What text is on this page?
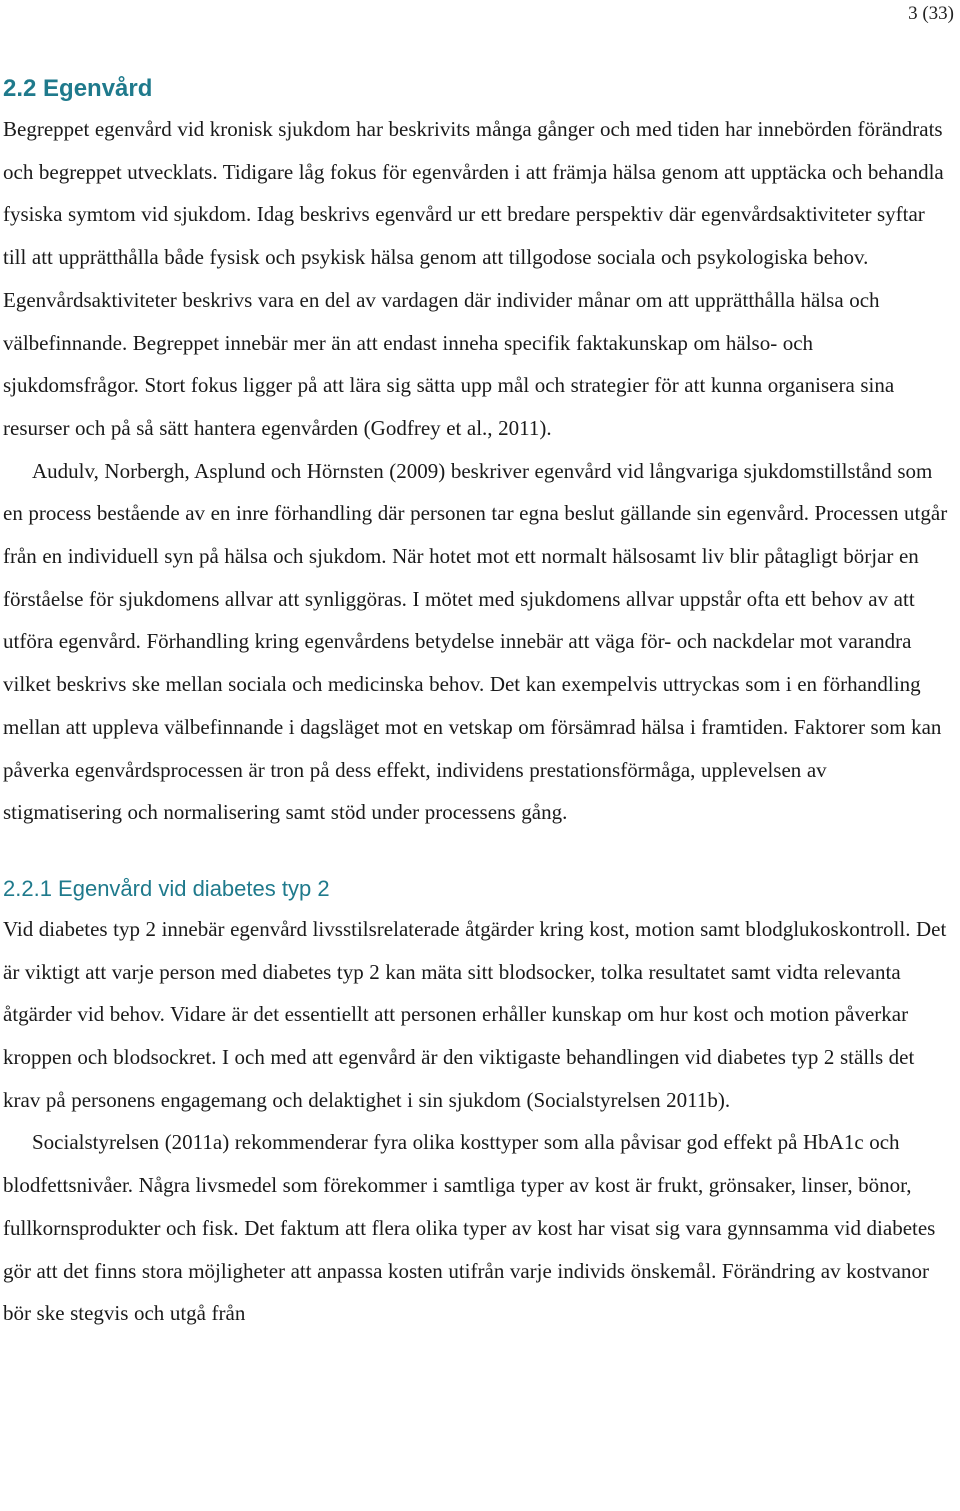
3 (33)
2.2 Egenvård

Begreppet egenvård vid kronisk sjukdom har beskrivits många gånger och med tiden har innebörden förändrats och begreppet utvecklats. Tidigare låg fokus för egenvården i att främja hälsa genom att upptäcka och behandla fysiska symtom vid sjukdom. Idag beskrivs egenvård ur ett bredare perspektiv där egenvårdsaktiviteter syftar till att upprätthålla både fysisk och psykisk hälsa genom att tillgodose sociala och psykologiska behov. Egenvårdsaktiviteter beskrivs vara en del av vardagen där individer månar om att upprätthålla hälsa och välbefinnande. Begreppet innebär mer än att endast inneha specifik faktakunskap om hälso- och sjukdomsfrågor. Stort fokus ligger på att lära sig sätta upp mål och strategier för att kunna organisera sina resurser och på så sätt hantera egenvården (Godfrey et al., 2011).

Audulv, Norbergh, Asplund och Hörnsten (2009) beskriver egenvård vid långvariga sjukdomstillstånd som en process bestående av en inre förhandling där personen tar egna beslut gällande sin egenvård. Processen utgår från en individuell syn på hälsa och sjukdom. När hotet mot ett normalt hälsosamt liv blir påtagligt börjar en förståelse för sjukdomens allvar att synliggöras. I mötet med sjukdomens allvar uppstår ofta ett behov av att utföra egenvård. Förhandling kring egenvårdens betydelse innebär att väga för- och nackdelar mot varandra vilket beskrivs ske mellan sociala och medicinska behov. Det kan exempelvis uttryckas som i en förhandling mellan att uppleva välbefinnande i dagsläget mot en vetskap om försämrad hälsa i framtiden. Faktorer som kan påverka egenvårdsprocessen är tron på dess effekt, individens prestationsförmåga, upplevelsen av stigmatisering och normalisering samt stöd under processens gång.

2.2.1 Egenvård vid diabetes typ 2

Vid diabetes typ 2 innebär egenvård livsstilsrelaterade åtgärder kring kost, motion samt blodglukoskontroll. Det är viktigt att varje person med diabetes typ 2 kan mäta sitt blodsocker, tolka resultatet samt vidta relevanta åtgärder vid behov. Vidare är det essentiellt att personen erhåller kunskap om hur kost och motion påverkar kroppen och blodsockret. I och med att egenvård är den viktigaste behandlingen vid diabetes typ 2 ställs det krav på personens engagemang och delaktighet i sin sjukdom (Socialstyrelsen 2011b).

Socialstyrelsen (2011a) rekommenderar fyra olika kosttyper som alla påvisar god effekt på HbA1c och blodfettsnivåer. Några livsmedel som förekommer i samtliga typer av kost är frukt, grönsaker, linser, bönor, fullkornsprodukter och fisk. Det faktum att flera olika typer av kost har visat sig vara gynnsamma vid diabetes gör att det finns stora möjligheter att anpassa kosten utifrån varje individs önskemål. Förändring av kostvanor bör ske stegvis och utgå från
